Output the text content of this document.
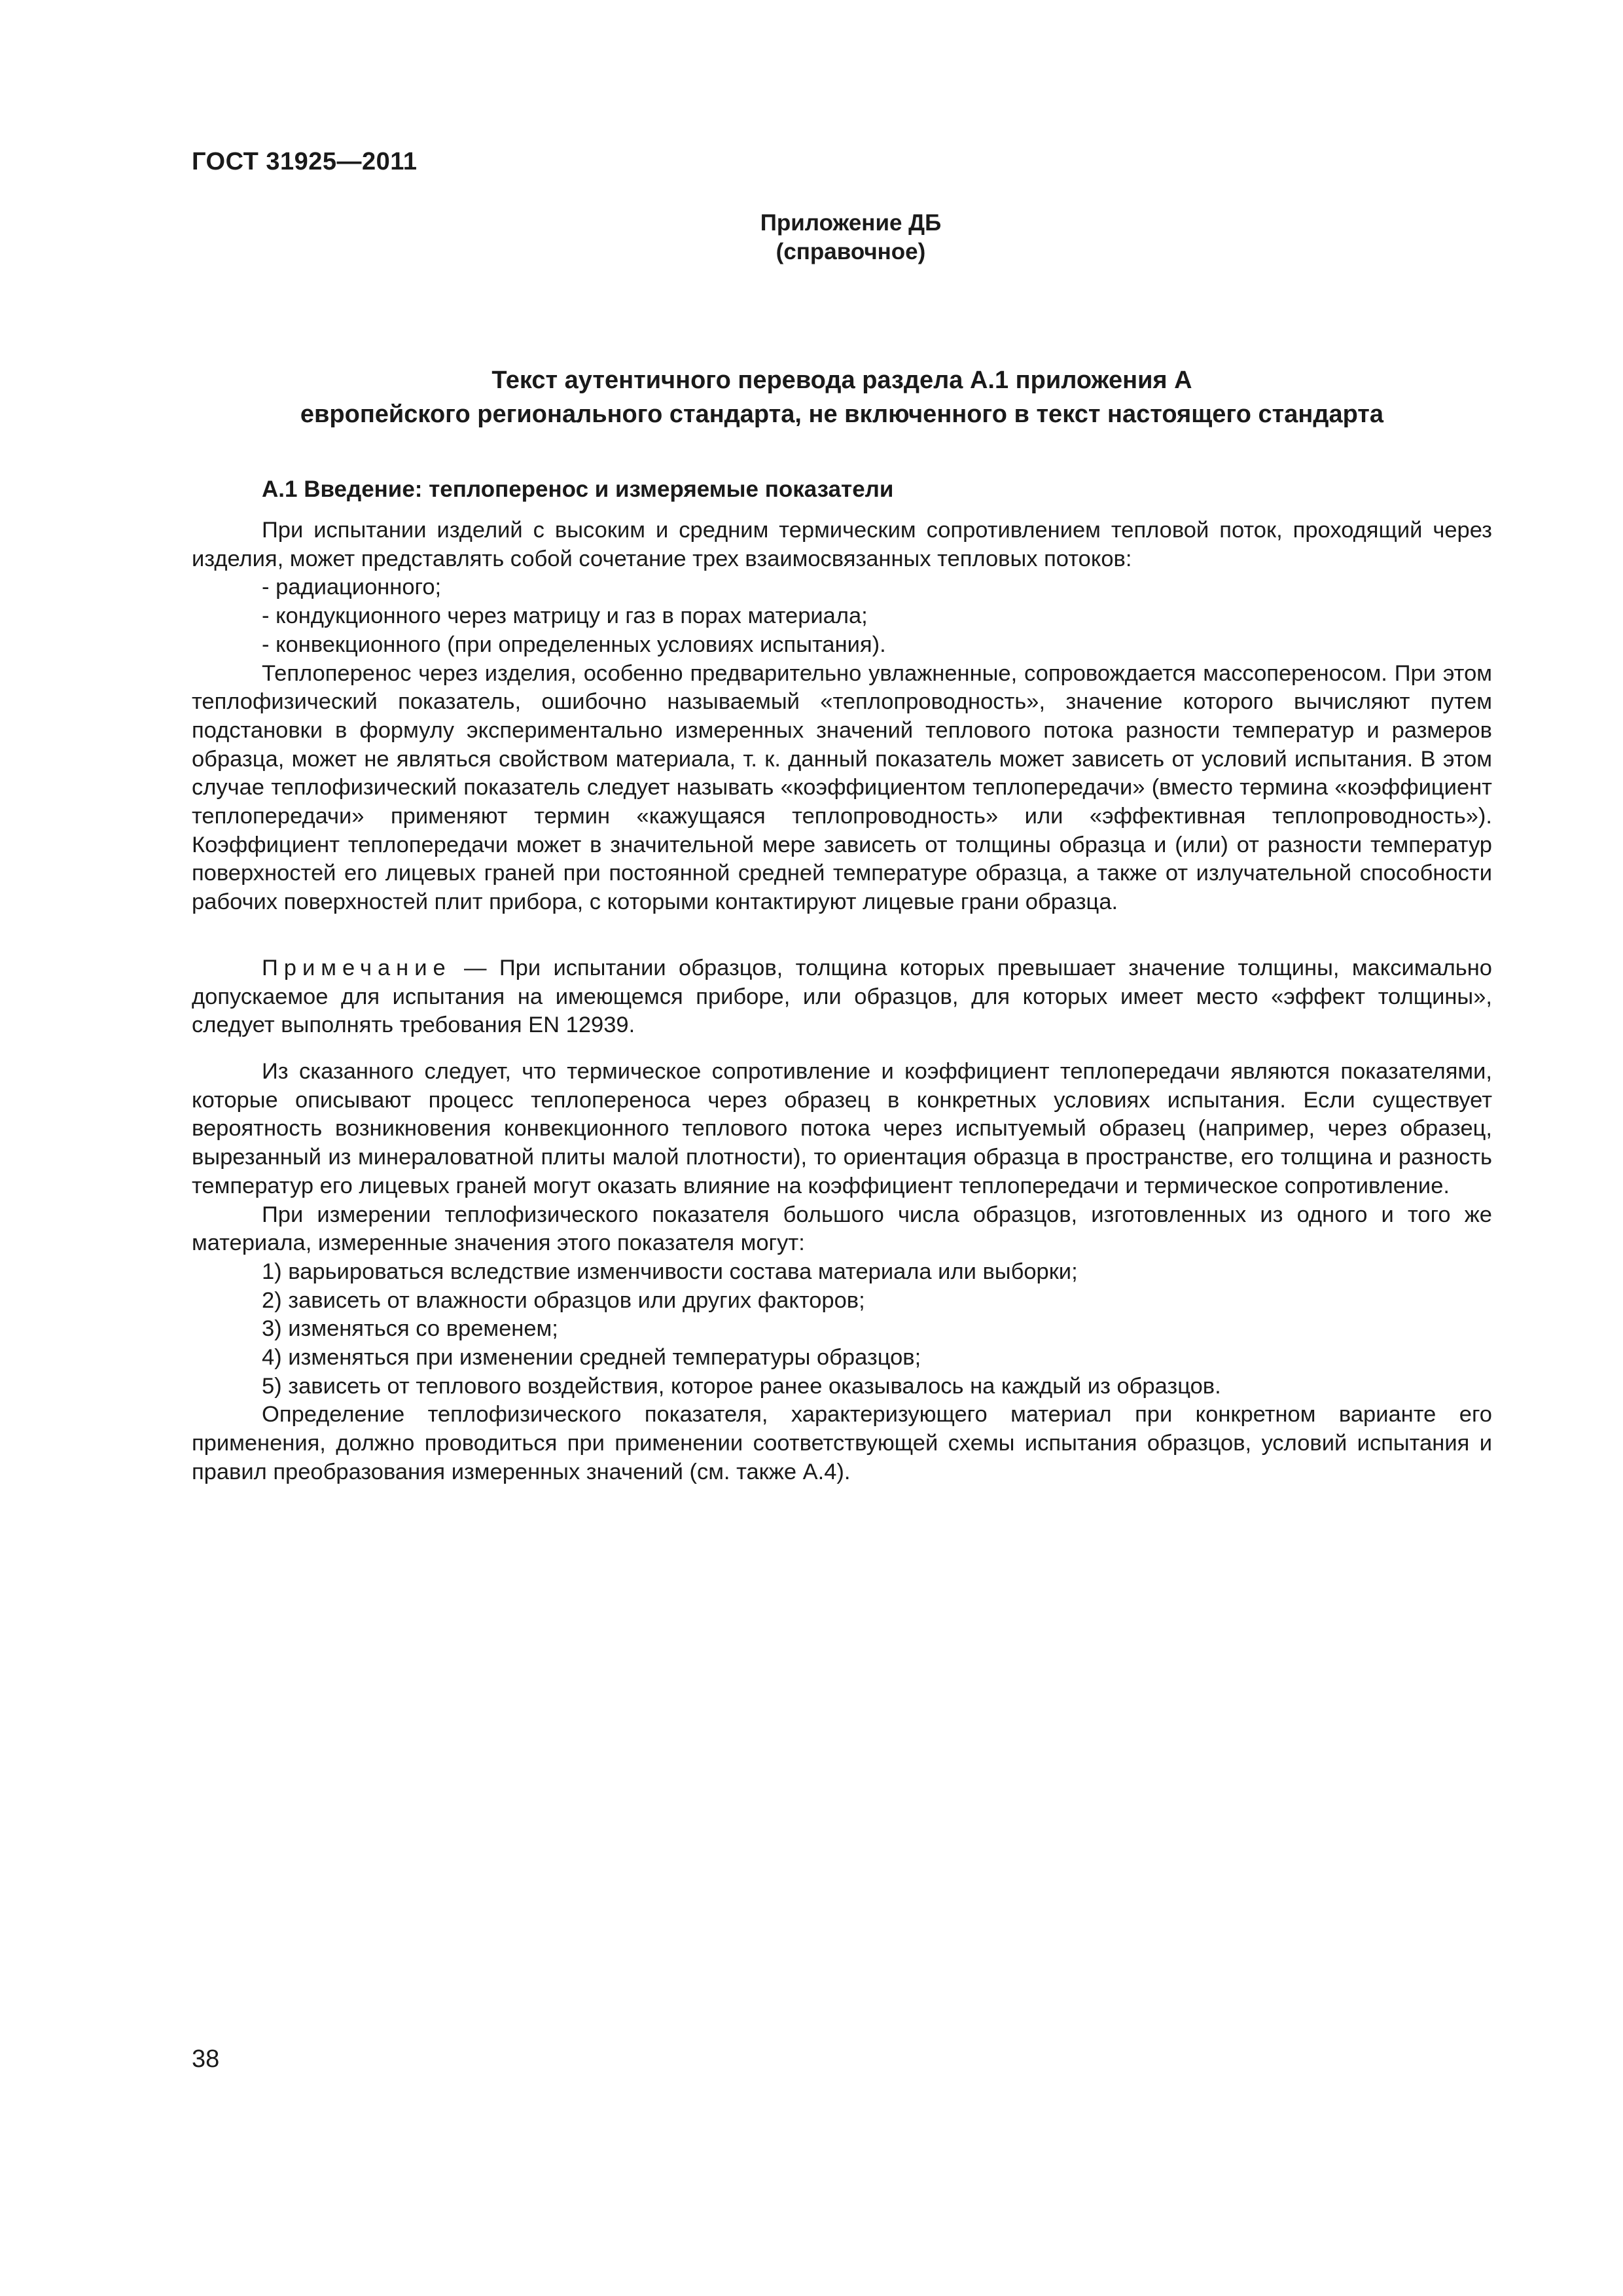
ГОСТ 31925—2011
Приложение ДБ
(справочное)
Текст аутентичного перевода раздела А.1 приложения А
европейского регионального стандарта, не включенного в текст настоящего стандарта
А.1 Введение: теплоперенос и измеряемые показатели

При испытании изделий с высоким и средним термическим сопротивлением тепловой поток, проходящий через изделия, может представлять собой сочетание трех взаимосвязанных тепловых потоков:

- радиационного;

- кондукционного через матрицу и газ в порах материала;

- конвекционного (при определенных условиях испытания).

Теплоперенос через изделия, особенно предварительно увлажненные, сопровождается массопереносом. При этом теплофизический показатель, ошибочно называемый «теплопроводность», значение которого вычисляют путем подстановки в формулу экспериментально измеренных значений теплового потока разности температур и размеров образца, может не являться свойством материала, т. к. данный показатель может зависеть от условий испытания. В этом случае теплофизический показатель следует называть «коэффициентом теплопередачи» (вместо термина «коэффициент теплопередачи» применяют термин «кажущаяся теплопроводность» или «эффективная теплопроводность»). Коэффициент теплопередачи может в значительной мере зависеть от толщины образца и (или) от разности температур поверхностей его лицевых граней при постоянной средней температуре образца, а также от излучательной способности рабочих поверхностей плит прибора, с которыми контактируют лицевые грани образца.

Примечание — При испытании образцов, толщина которых превышает значение толщины, максимально допускаемое для испытания на имеющемся приборе, или образцов, для которых имеет место «эффект толщины», следует выполнять требования EN 12939.

Из сказанного следует, что термическое сопротивление и коэффициент теплопередачи являются показателями, которые описывают процесс теплопереноса через образец в конкретных условиях испытания. Если существует вероятность возникновения конвекционного теплового потока через испытуемый образец (например, через образец, вырезанный из минераловатной плиты малой плотности), то ориентация образца в пространстве, его толщина и разность температур его лицевых граней могут оказать влияние на коэффициент теплопередачи и термическое сопротивление.

При измерении теплофизического показателя большого числа образцов, изготовленных из одного и того же материала, измеренные значения этого показателя могут:

1) варьироваться вследствие изменчивости состава материала или выборки;

2) зависеть от влажности образцов или других факторов;

3) изменяться со временем;

4) изменяться при изменении средней температуры образцов;

5) зависеть от теплового воздействия, которое ранее оказывалось на каждый из образцов.

Определение теплофизического показателя, характеризующего материал при конкретном варианте его применения, должно проводиться при применении соответствующей схемы испытания образцов, условий испытания и правил преобразования измеренных значений (см. также А.4).

38
